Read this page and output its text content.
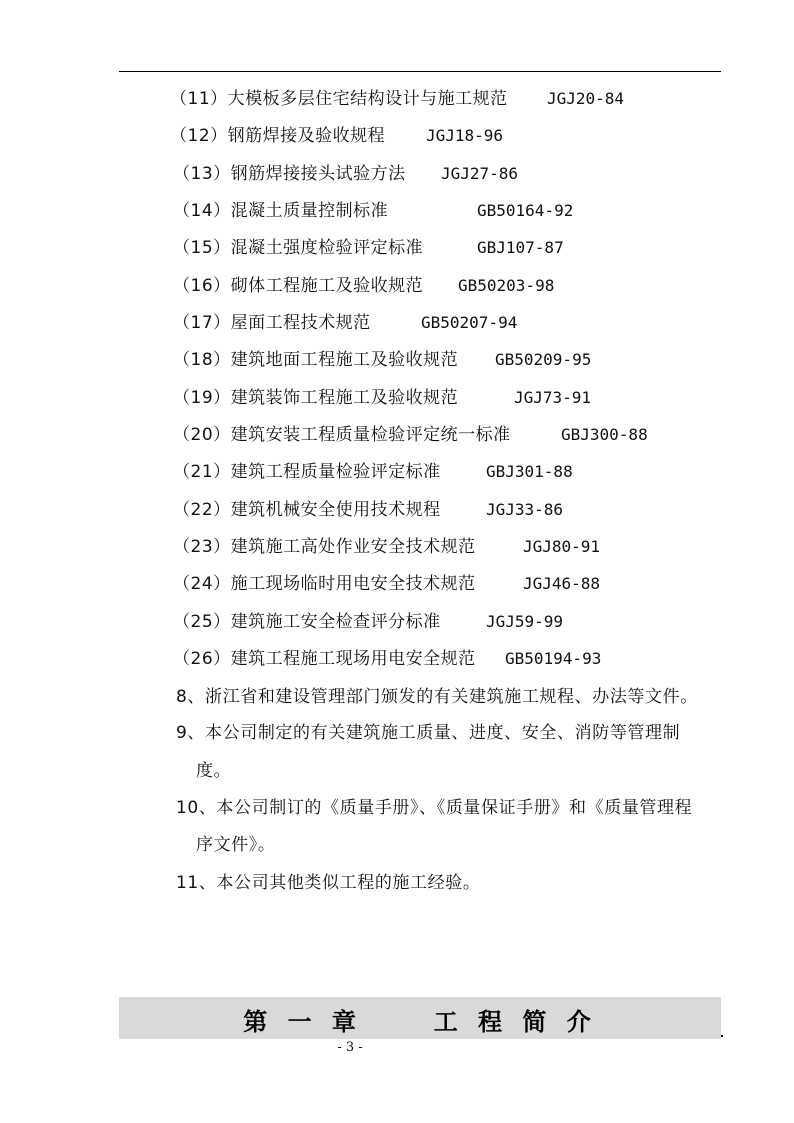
（11）大模板多层住宅结构设计与施工规范 JGJ20-84
（12）钢筋焊接及验收规程	JGJ18-96
（13）钢筋焊接接头试验方法 JGJ27-86
（14）混凝土质量控制标准	GB50164-92
（15）混凝土强度检验评定标准	GBJ107-87
（16）砌体工程施工及验收规范 GB50203-98
（17）屋面工程技术规范	GB50207-94
（18）建筑地面工程施工及验收规范 GB50209-95
（19）建筑装饰工程施工及验收规范	JGJ73-91
（20）建筑安装工程质量检验评定统一标准	GBJ300-88
（21）建筑工程质量检验评定标准	GBJ301-88
（22）建筑机械安全使用技术规程	JGJ33-86
（23）建筑施工高处作业安全技术规范	JGJ80-91
（24）施工现场临时用电安全技术规范	JGJ46-88
（25）建筑施工安全检查评分标准	JGJ59-99
（26）建筑工程施工现场用电安全规范 GB50194-93
8、浙江省和建设管理部门颁发的有关建筑施工规程、办法等文件。
9、本公司制定的有关建筑施工质量、进度、安全、消防等管理制
度。
10、本公司制订的《质量手册》、《质量保证手册》和《质量管理程
序文件》。
11、本公司其他类似工程的施工经验。
第 一 章     工 程 简 介
- 3 -
